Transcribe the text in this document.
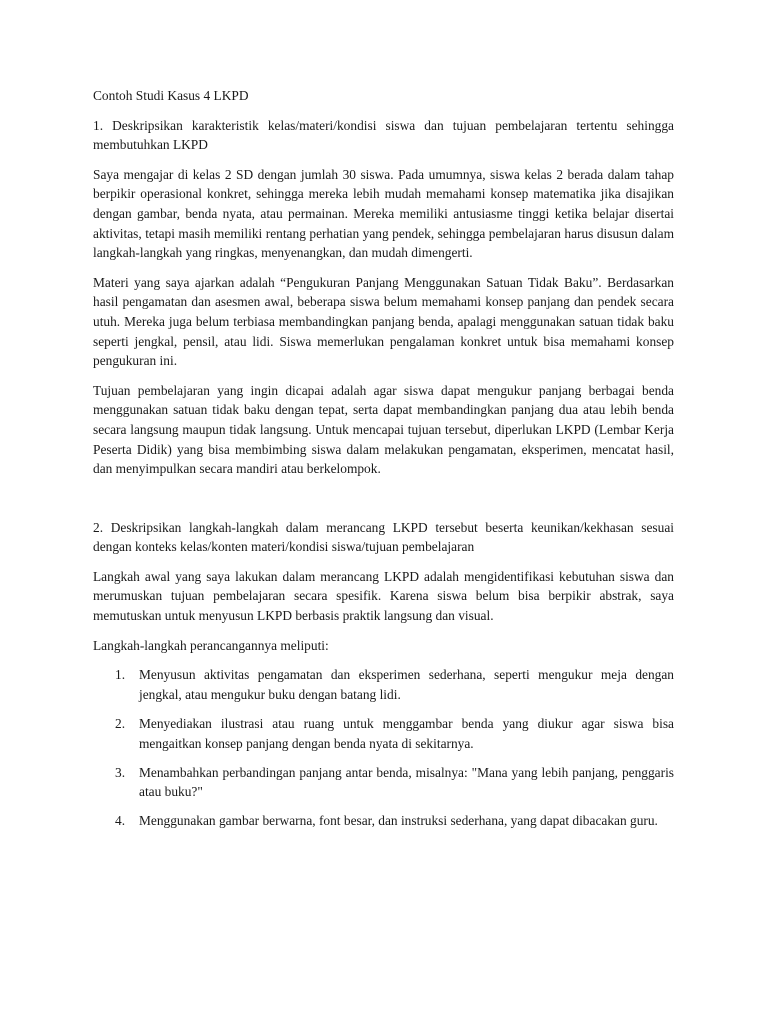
Contoh Studi Kasus 4 LKPD

1. Deskripsikan karakteristik kelas/materi/kondisi siswa dan tujuan pembelajaran tertentu sehingga membutuhkan LKPD

Saya mengajar di kelas 2 SD dengan jumlah 30 siswa. Pada umumnya, siswa kelas 2 berada dalam tahap berpikir operasional konkret, sehingga mereka lebih mudah memahami konsep matematika jika disajikan dengan gambar, benda nyata, atau permainan. Mereka memiliki antusiasme tinggi ketika belajar disertai aktivitas, tetapi masih memiliki rentang perhatian yang pendek, sehingga pembelajaran harus disusun dalam langkah-langkah yang ringkas, menyenangkan, dan mudah dimengerti.

Materi yang saya ajarkan adalah “Pengukuran Panjang Menggunakan Satuan Tidak Baku”. Berdasarkan hasil pengamatan dan asesmen awal, beberapa siswa belum memahami konsep panjang dan pendek secara utuh. Mereka juga belum terbiasa membandingkan panjang benda, apalagi menggunakan satuan tidak baku seperti jengkal, pensil, atau lidi. Siswa memerlukan pengalaman konkret untuk bisa memahami konsep pengukuran ini.

Tujuan pembelajaran yang ingin dicapai adalah agar siswa dapat mengukur panjang berbagai benda menggunakan satuan tidak baku dengan tepat, serta dapat membandingkan panjang dua atau lebih benda secara langsung maupun tidak langsung. Untuk mencapai tujuan tersebut, diperlukan LKPD (Lembar Kerja Peserta Didik) yang bisa membimbing siswa dalam melakukan pengamatan, eksperimen, mencatat hasil, dan menyimpulkan secara mandiri atau berkelompok.

2. Deskripsikan langkah-langkah dalam merancang LKPD tersebut beserta keunikan/kekhasan sesuai dengan konteks kelas/konten materi/kondisi siswa/tujuan pembelajaran

Langkah awal yang saya lakukan dalam merancang LKPD adalah mengidentifikasi kebutuhan siswa dan merumuskan tujuan pembelajaran secara spesifik. Karena siswa belum bisa berpikir abstrak, saya memutuskan untuk menyusun LKPD berbasis praktik langsung dan visual.

Langkah-langkah perancangannya meliputi:

1. Menyusun aktivitas pengamatan dan eksperimen sederhana, seperti mengukur meja dengan jengkal, atau mengukur buku dengan batang lidi.
2. Menyediakan ilustrasi atau ruang untuk menggambar benda yang diukur agar siswa bisa mengaitkan konsep panjang dengan benda nyata di sekitarnya.
3. Menambahkan perbandingan panjang antar benda, misalnya: "Mana yang lebih panjang, penggaris atau buku?"
4. Menggunakan gambar berwarna, font besar, dan instruksi sederhana, yang dapat dibacakan guru.
